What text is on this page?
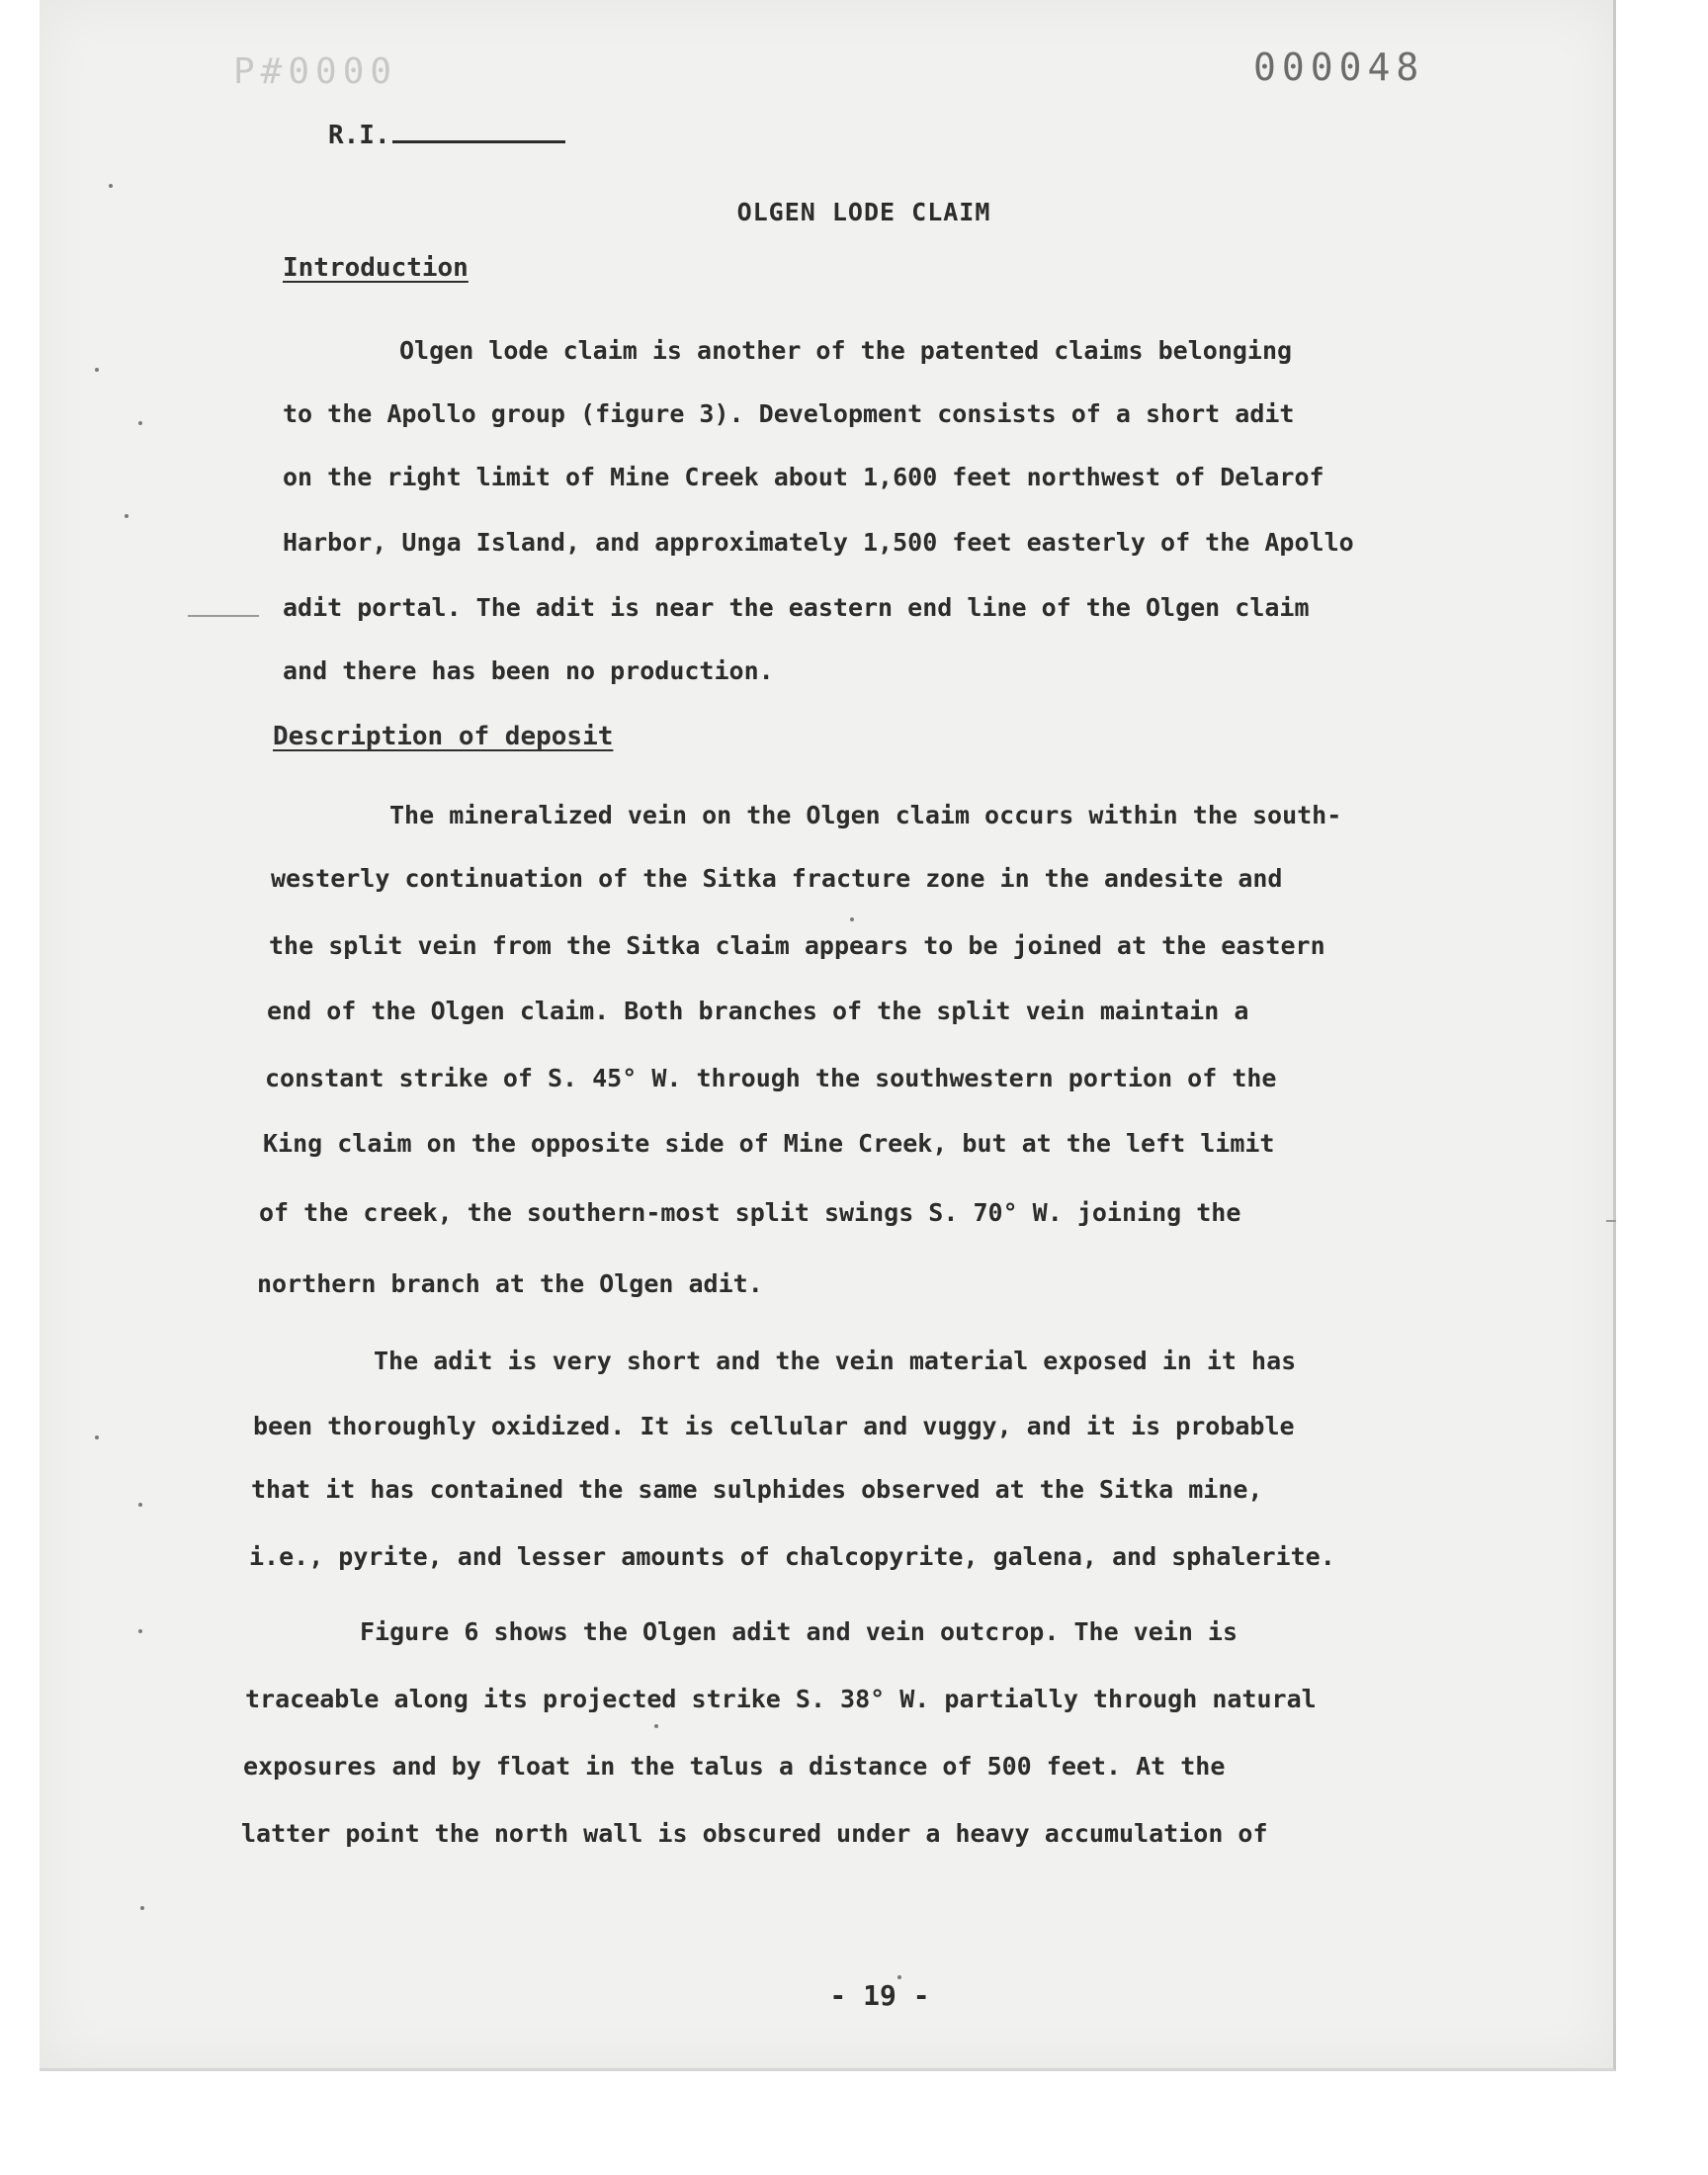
P#0000	000048
R.I.
OLGEN LODE CLAIM
Introduction
Olgen lode claim is another of the patented claims belonging
to the Apollo group (figure 3). Development consists of a short adit
on the right limit of Mine Creek about 1,600 feet northwest of Delarof
Harbor, Unga Island, and approximately 1,500 feet easterly of the Apollo
adit portal. The adit is near the eastern end line of the Olgen claim
and there has been no production.
Description of deposit
The mineralized vein on the Olgen claim occurs within the south-
westerly continuation of the Sitka fracture zone in the andesite and
the split vein from the Sitka claim appears to be joined at the eastern
end of the Olgen claim. Both branches of the split vein maintain a
constant strike of S. 45° W. through the southwestern portion of the
King claim on the opposite side of Mine Creek, but at the left limit
of the creek, the southern-most split swings S. 70° W. joining the
northern branch at the Olgen adit.
The adit is very short and the vein material exposed in it has
been thoroughly oxidized. It is cellular and vuggy, and it is probable
that it has contained the same sulphides observed at the Sitka mine,
i.e., pyrite, and lesser amounts of chalcopyrite, galena, and sphalerite.
Figure 6 shows the Olgen adit and vein outcrop. The vein is
traceable along its projected strike S. 38° W. partially through natural
exposures and by float in the talus a distance of 500 feet. At the
latter point the north wall is obscured under a heavy accumulation of
- 19 -
